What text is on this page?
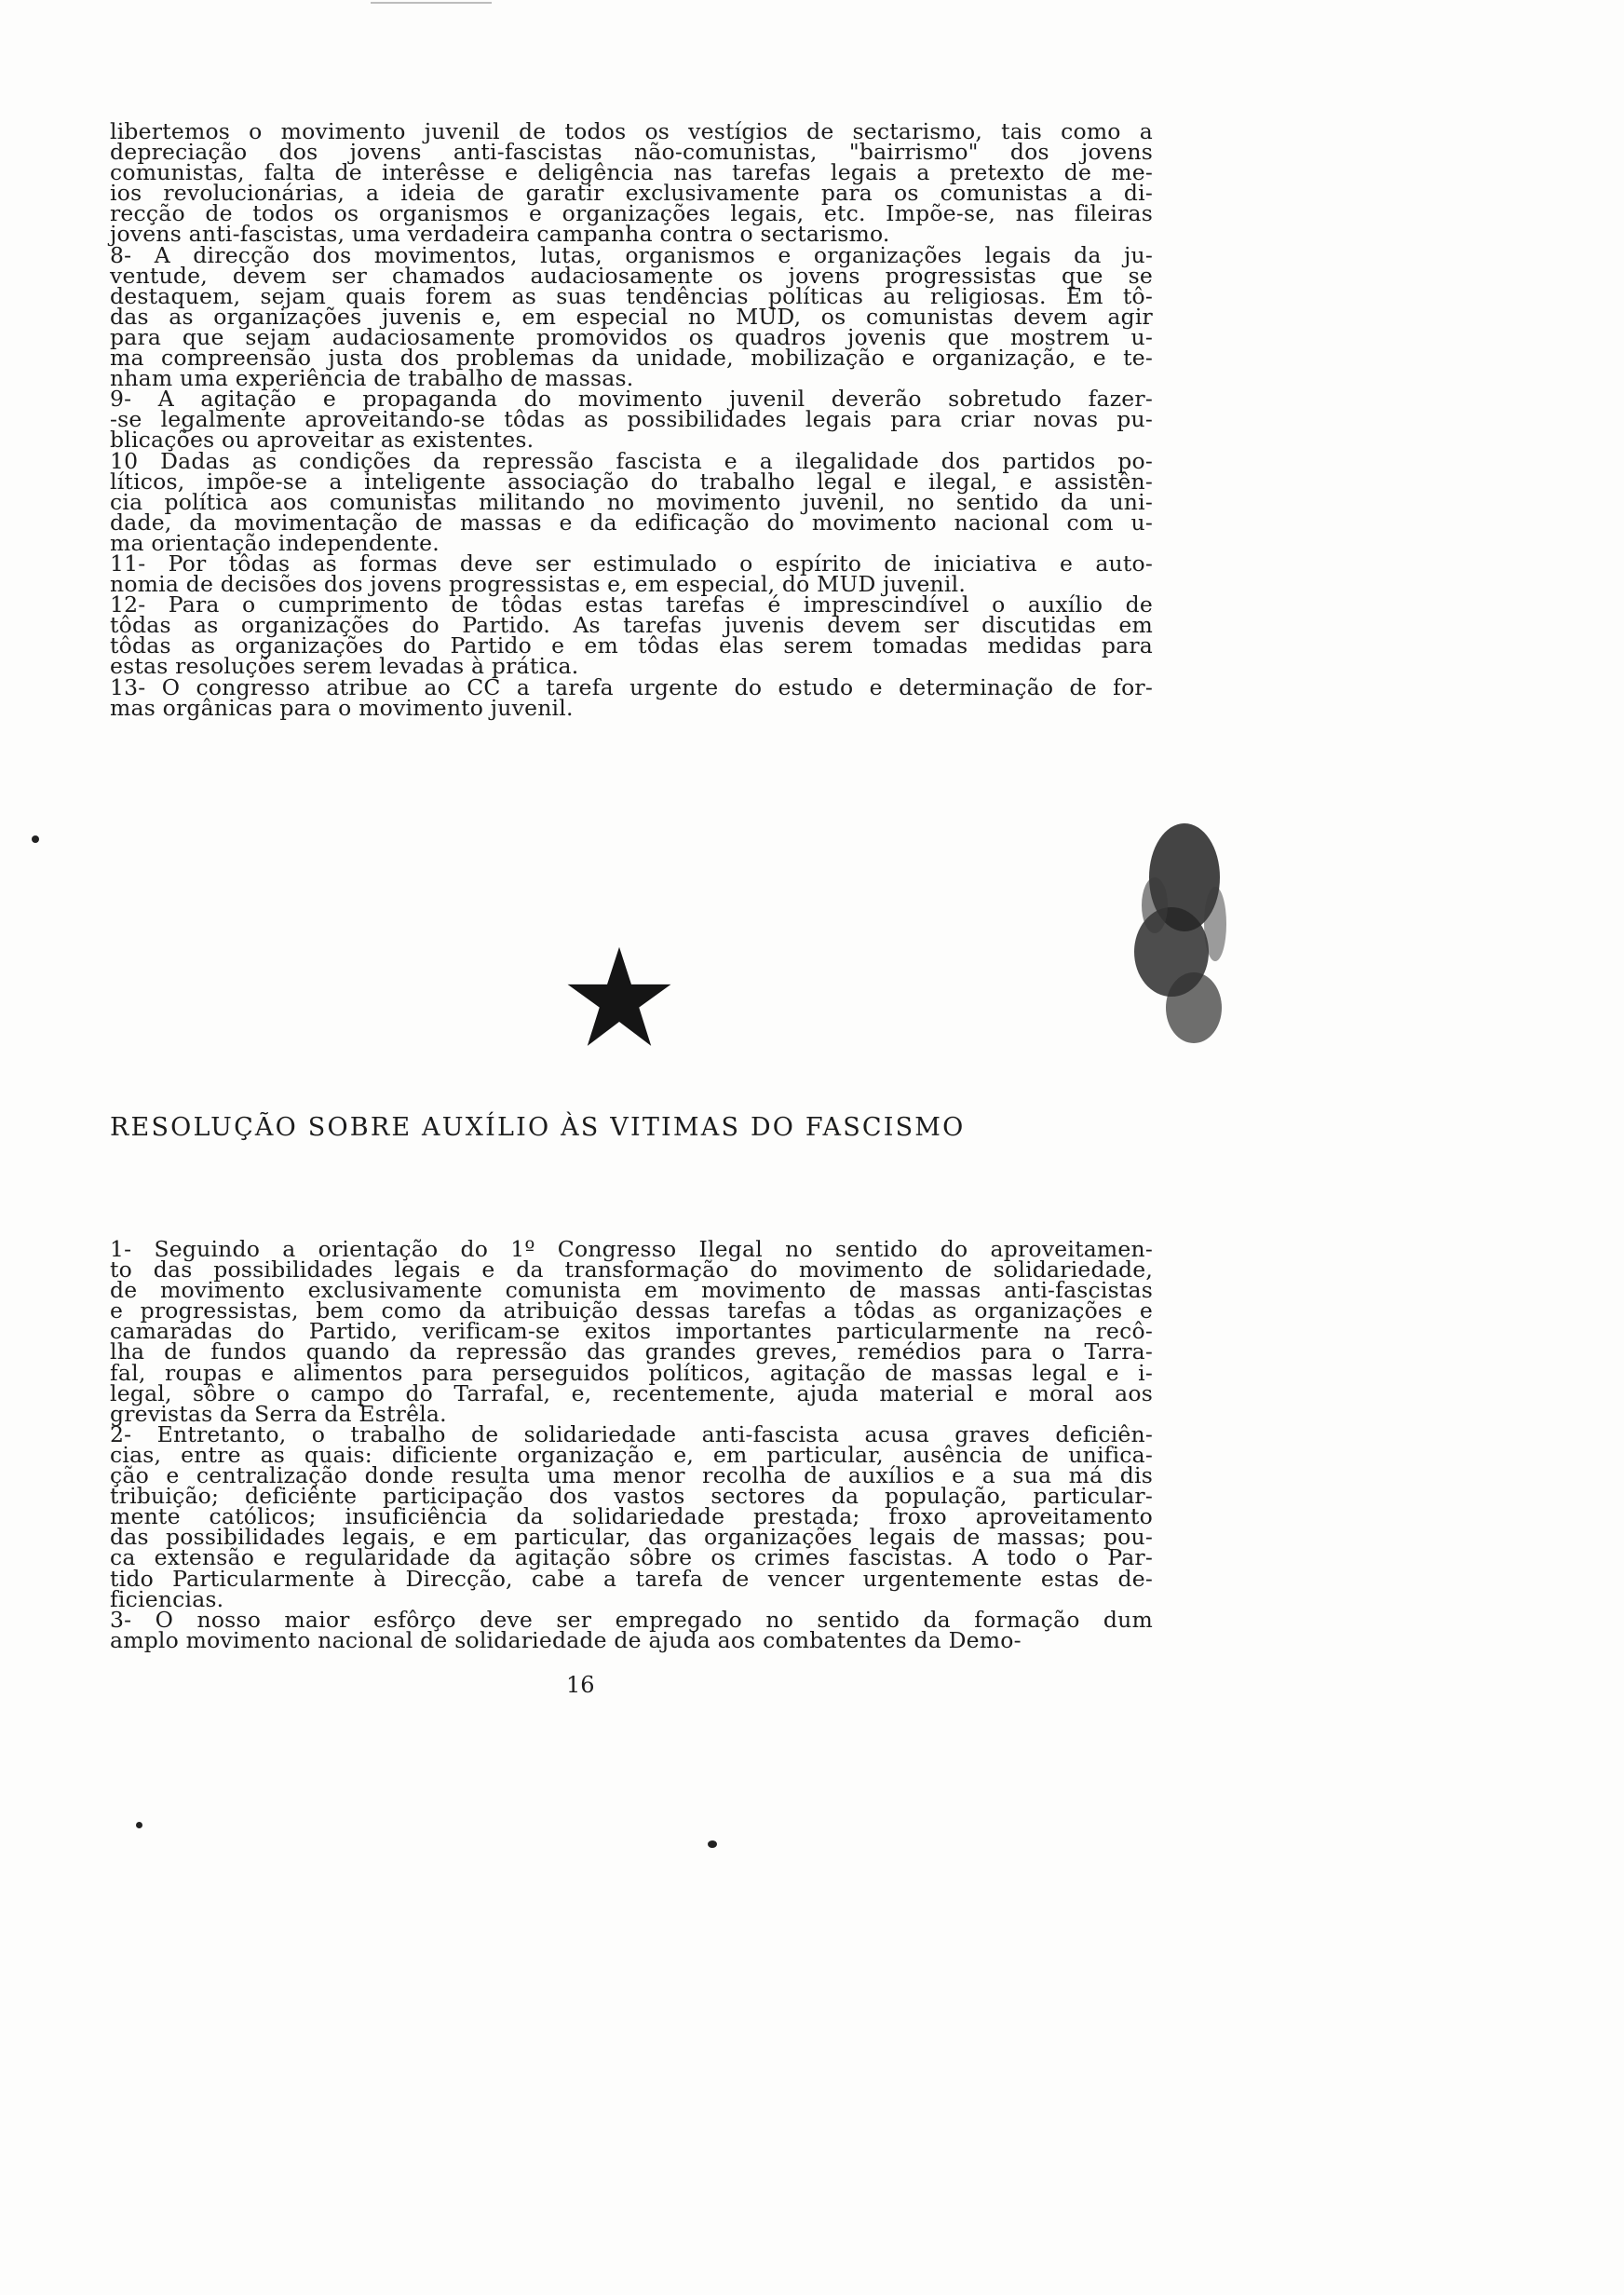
libertemos o movimento juvenil de todos os vestígios de sectarismo, tais como a

depreciação dos jovens anti-fascistas não-comunistas, "bairrismo" dos jovens

comunistas, falta de interêsse e deligência nas tarefas legais a pretexto de me-

ios revolucionárias, a ideia de garatir exclusivamente para os comunistas a di-

recção de todos os organismos e organizações legais, etc. Impõe-se, nas fileiras

jovens anti-fascistas, uma verdadeira campanha contra o sectarismo.

8- A direcção dos movimentos, lutas, organismos e organizações legais da ju-

ventude, devem ser chamados audaciosamente os jovens progressistas que se

destaquem, sejam quais forem as suas tendências políticas au religiosas. Em tô-

das as organizações juvenis e, em especial no MUD, os comunistas devem agir

para que sejam audaciosamente promovidos os quadros jovenis que mostrem u-

ma compreensão justa dos problemas da unidade, mobilização e organização, e te-

nham uma experiência de trabalho de massas.

9- A agitação e propaganda do movimento juvenil deverão sobretudo fazer-

-se legalmente aproveitando-se tôdas as possibilidades legais para criar novas pu-

blicações ou aproveitar as existentes.

10 Dadas as condições da repressão fascista e a ilegalidade dos partidos po-

líticos, impõe-se a inteligente associação do trabalho legal e ilegal, e assistên-

cia política aos comunistas militando no movimento juvenil, no sentido da uni-

dade, da movimentação de massas e da edificação do movimento nacional com u-

ma orientação independente.

11- Por tôdas as formas deve ser estimulado o espírito de iniciativa e auto-

nomia de decisões dos jovens progressistas e, em especial, do MUD juvenil.

12- Para o cumprimento de tôdas estas tarefas é imprescindível o auxílio de

tôdas as organizações do Partido. As tarefas juvenis devem ser discutidas em

tôdas as organizações do Partido e em tôdas elas serem tomadas medidas para

estas resoluções serem levadas à prática.

13- O congresso atribue ao CC a tarefa urgente do estudo e determinação de for-

mas orgânicas para o movimento juvenil.

RESOLUÇÃO SOBRE AUXÍLIO ÀS VITIMAS DO FASCISMO

1- Seguindo a orientação do 1º Congresso Ilegal no sentido do aproveitamen-

to das possibilidades legais e da transformação do movimento de solidariedade,

de movimento exclusivamente comunista em movimento de massas anti-fascistas

e progressistas, bem como da atribuição dessas tarefas a tôdas as organizações e

camaradas do Partido, verificam-se exitos importantes particularmente na recô-

lha de fundos quando da repressão das grandes greves, remédios para o Tarra-

fal, roupas e alimentos para perseguidos políticos, agitação de massas legal e i-

legal, sôbre o campo do Tarrafal, e, recentemente, ajuda material e moral aos

grevistas da Serra da Estrêla.

2- Entretanto, o trabalho de solidariedade anti-fascista acusa graves deficiên-

cias, entre as quais: dificiente organização e, em particular, ausência de unifica-

ção e centralização donde resulta uma menor recolha de auxílios e a sua má dis

tribuição; deficiênte participação dos vastos sectores da população, particular-

mente católicos; insuficiência da solidariedade prestada; froxo aproveitamento

das possibilidades legais, e em particular, das organizações legais de massas; pou-

ca extensão e regularidade da agitação sôbre os crimes fascistas. A todo o Par-

tido Particularmente à Direcção, cabe a tarefa de vencer urgentemente estas de-

ficiencias.

3- O nosso maior esfôrço deve ser empregado no sentido da formação dum

amplo movimento nacional de solidariedade de ajuda aos combatentes da Demo-

16
